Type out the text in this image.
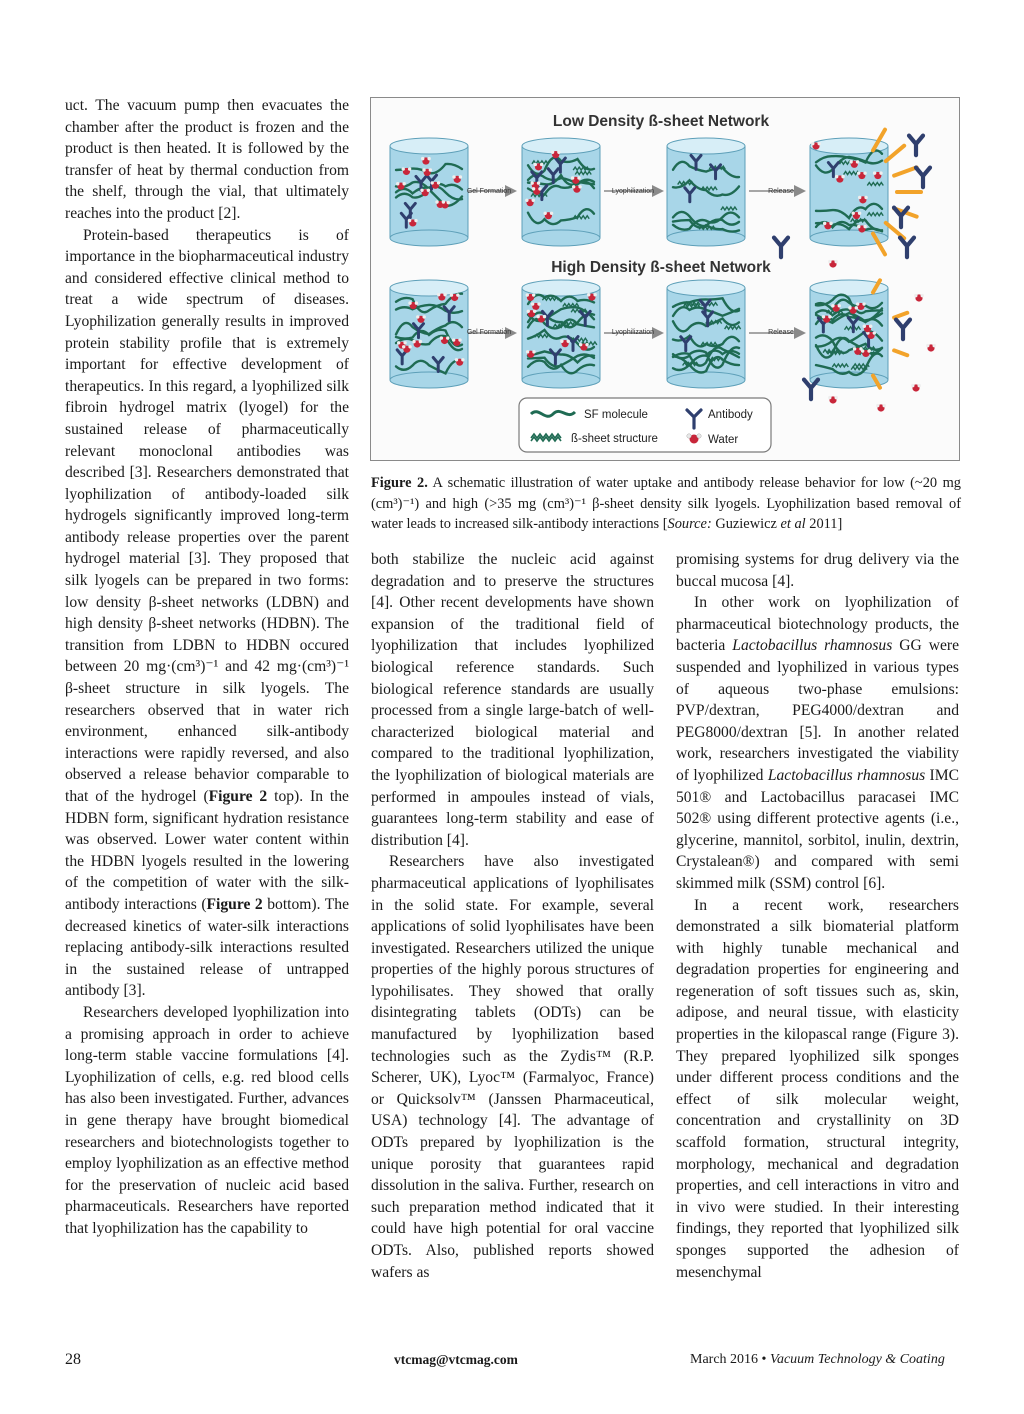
uct. The vacuum pump then evacuates the chamber after the product is frozen and the product is then heated. It is followed by the transfer of heat by thermal conduction from the shelf, through the vial, that ultimately reaches into the product [2].

Protein-based therapeutics is of importance in the biopharmaceutical industry and considered effective clinical method to treat a wide spectrum of diseases. Lyophilization generally results in improved protein stability profile that is extremely important for effective development of therapeutics. In this regard, a lyophilized silk fibroin hydrogel matrix (lyogel) for the sustained release of pharmaceutically relevant monoclonal antibodies was described [3]. Researchers demonstrated that lyophilization of antibody-loaded silk hydrogels significantly improved long-term antibody release properties over the parent hydrogel material [3]. They proposed that silk lyogels can be prepared in two forms: low density β-sheet networks (LDBN) and high density β-sheet networks (HDBN). The transition from LDBN to HDBN occured between 20 mg·(cm³)⁻¹ and 42 mg·(cm³)⁻¹ β-sheet structure in silk lyogels. The researchers observed that in water rich environment, enhanced silk-antibody interactions were rapidly reversed, and also observed a release behavior comparable to that of the hydrogel (Figure 2 top). In the HDBN form, significant hydration resistance was observed. Lower water content within the HDBN lyogels resulted in the lowering of the competition of water with the silk-antibody interactions (Figure 2 bottom). The decreased kinetics of water-silk interactions replacing antibody-silk interactions resulted in the sustained release of untrapped antibody [3].

Researchers developed lyophilization into a promising approach in order to achieve long-term stable vaccine formulations [4]. Lyophilization of cells, e.g. red blood cells has also been investigated. Further, advances in gene therapy have brought biomedical researchers and biotechnologists together to employ lyophilization as an effective method for the preservation of nucleic acid based pharmaceuticals. Researchers have reported that lyophilization has the capability to

Low Density ß-sheet Network
High Density ß-sheet Network
Gel Formation	Lyophilization	Release
Gel Formation	Lyophilization	Release
SF molecule
ß-sheet structure
Antibody
Water
Figure 2. A schematic illustration of water uptake and antibody release behavior for low (~20 mg (cm³)⁻¹) and high (>35 mg (cm³)⁻¹ β-sheet density silk lyogels. Lyophilization based removal of water leads to increased silk-antibody interactions [Source: Guziewicz et al 2011]

both stabilize the nucleic acid against degradation and to preserve the structures [4]. Other recent developments have shown expansion of the traditional field of lyophilization that includes lyophilized biological reference standards. Such biological reference standards are usually processed from a single large-batch of well-characterized biological material and compared to the traditional lyophilization, the lyophilization of biological materials are performed in ampoules instead of vials, guarantees long-term stability and ease of distribution [4].

Researchers have also investigated pharmaceutical applications of lyophilisates in the solid state. For example, several applications of solid lyophilisates have been investigated. Researchers utilized the unique properties of the highly porous structures of lypohilisates. They showed that orally disintegrating tablets (ODTs) can be manufactured by lyophilization based technologies such as the Zydis™ (R.P. Scherer, UK), Lyoc™ (Farmalyoc, France) or Quicksolv™ (Janssen Pharmaceutical, USA) technology [4]. The advantage of ODTs prepared by lyophilization is the unique porosity that guarantees rapid dissolution in the saliva. Further, research on such preparation method indicated that it could have high potential for oral vaccine ODTs. Also, published reports showed wafers as

promising systems for drug delivery via the buccal mucosa [4].

In other work on lyophilization of pharmaceutical biotechnology products, the bacteria Lactobacillus rhamnosus GG were suspended and lyophilized in various types of aqueous two-phase emulsions: PVP/dextran, PEG4000/dextran and PEG8000/dextran [5]. In another related work, researchers investigated the viability of lyophilized Lactobacillus rhamnosus IMC 501® and Lactobacillus paracasei IMC 502® using different protective agents (i.e., glycerine, mannitol, sorbitol, inulin, dextrin, Crystalean®) and compared with semi skimmed milk (SSM) control [6].

In a recent work, researchers demonstrated a silk biomaterial platform with highly tunable mechanical and degradation properties for engineering and regeneration of soft tissues such as, skin, adipose, and neural tissue, with elasticity properties in the kilopascal range (Figure 3). They prepared lyophilized silk sponges under different process conditions and the effect of silk molecular weight, concentration and crystallinity on 3D scaffold formation, structural integrity, morphology, mechanical and degradation properties, and cell interactions in vitro and in vivo were studied. In their interesting findings, they reported that lyophilized silk sponges supported the adhesion of mesenchymal

28	vtcmag@vtcmag.com	March 2016 • Vacuum Technology & Coating
